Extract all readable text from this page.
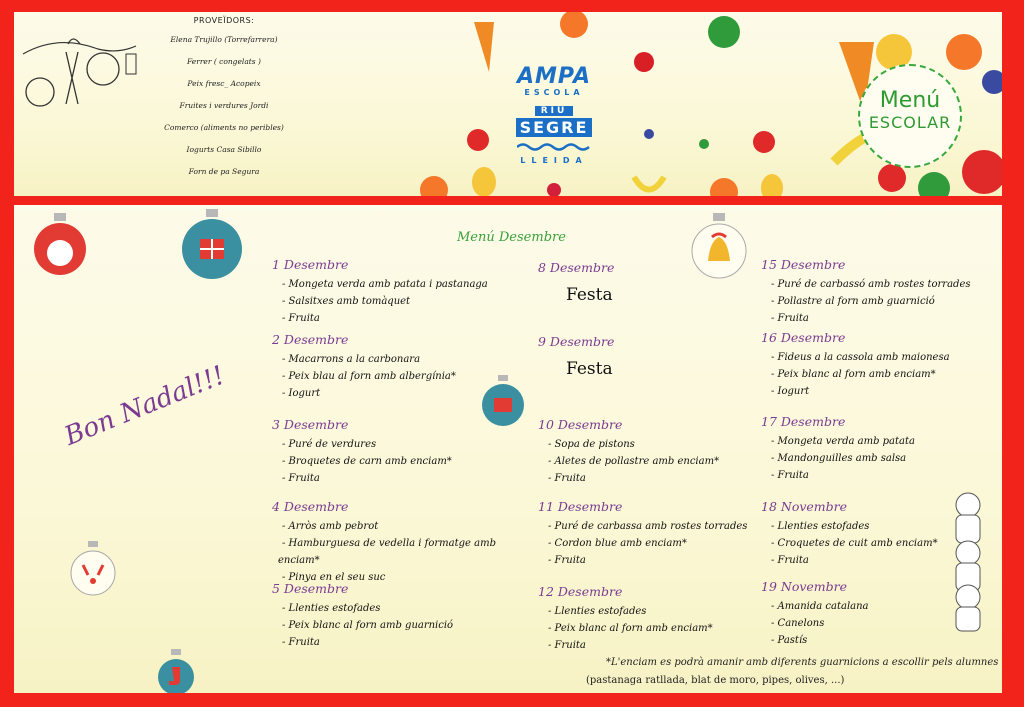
PROVEÏDORS:
Elena Trujillo (Torrefarrera)
Ferrer ( congelats )
Peix fresc_ Acopeix
Fruites i verdures Jordi
Comerco (aliments no peribles)
Iogurts Casa Sibillo
Forn de pa Segura
AMPA
ESCOLA
RIU
SEGRE
LLEIDA
Menú
ESCOLAR
Menú Desembre
Bon Nadal!!!
1 Desembre
- Mongeta verda amb patata i pastanaga
- Salsitxes amb tomàquet
- Fruita
2 Desembre
- Macarrons a la carbonara
- Peix blau al forn amb albergínia*
- Iogurt
3 Desembre
- Puré de verdures
- Broquetes de carn amb enciam*
- Fruita
4 Desembre
- Arròs amb pebrot
- Hamburguesa de vedella i formatge amb
enciam*
- Pinya en el seu suc
5 Desembre
- Llenties estofades
- Peix blanc al forn amb guarnició
- Fruita
8 Desembre
Festa
9 Desembre
Festa
10 Desembre
- Sopa de pistons
- Aletes de pollastre amb enciam*
- Fruita
11 Desembre
- Puré de carbassa amb rostes torrades
- Cordon blue amb enciam*
- Fruita
12 Desembre
- Llenties estofades
- Peix blanc al forn amb enciam*
- Fruita
15 Desembre
- Puré de carbassó amb rostes torrades
- Pollastre al forn amb guarnició
- Fruita
16 Desembre
- Fideus a la cassola amb maionesa
- Peix blanc al forn amb enciam*
- Iogurt
17 Desembre
- Mongeta verda amb patata
- Mandonguilles amb salsa
- Fruita
18 Novembre
- Llenties estofades
- Croquetes de cuit amb enciam*
- Fruita
19 Novembre
- Amanida catalana
- Canelons
- Pastís
*L'enciam es podrà amanir amb diferents guarnicions a escollir pels alumnes
(pastanaga ratllada, blat de moro, pipes, olives, ...)
